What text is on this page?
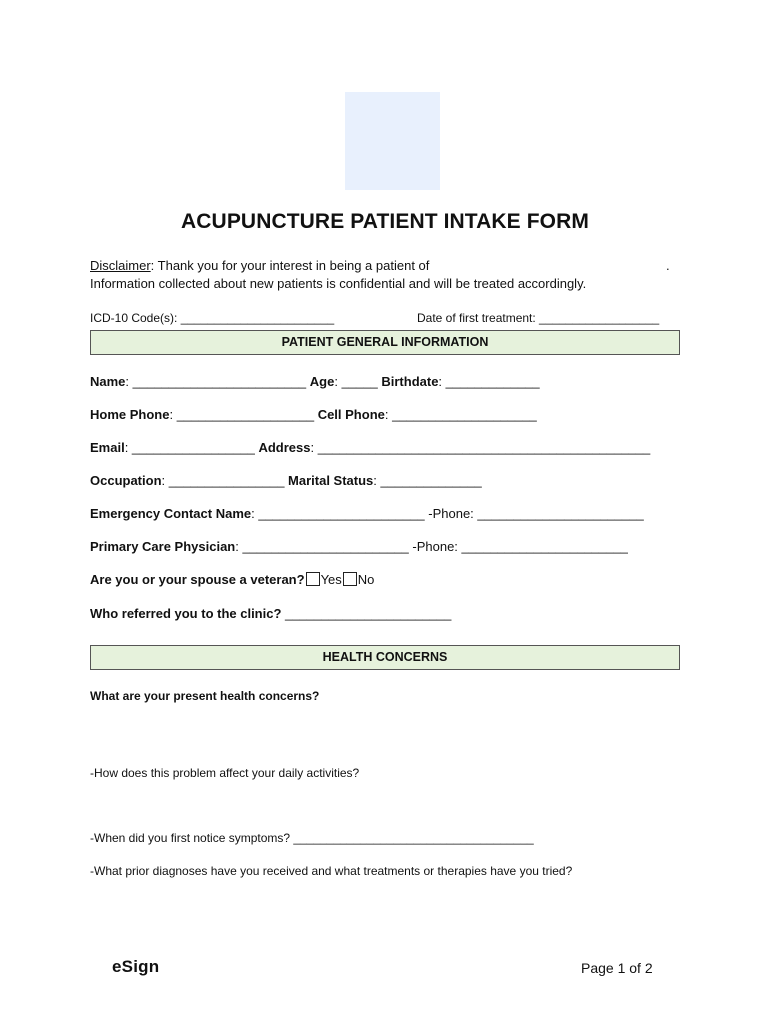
ACUPUNCTURE PATIENT INTAKE FORM
Disclaimer: Thank you for your interest in being a patient of	.
Information collected about new patients is confidential and will be treated accordingly.
ICD-10 Code(s): _______________________	Date of first treatment: __________________
PATIENT GENERAL INFORMATION
Name: ________________________ Age: _____ Birthdate: _____________
Home Phone: ___________________ Cell Phone: ____________________
Email: _________________ Address: ______________________________________________
Occupation: ________________ Marital Status: ______________
Emergency Contact Name: _______________________ -Phone: _______________________
Primary Care Physician: _______________________ -Phone: _______________________
Are you or your spouse a veteran? Yes No
Who referred you to the clinic? _______________________
HEALTH CONCERNS
What are your present health concerns?
-How does this problem affect your daily activities?
-When did you first notice symptoms? ____________________________________
-What prior diagnoses have you received and what treatments or therapies have you tried?
eSign	Page 1 of 2
